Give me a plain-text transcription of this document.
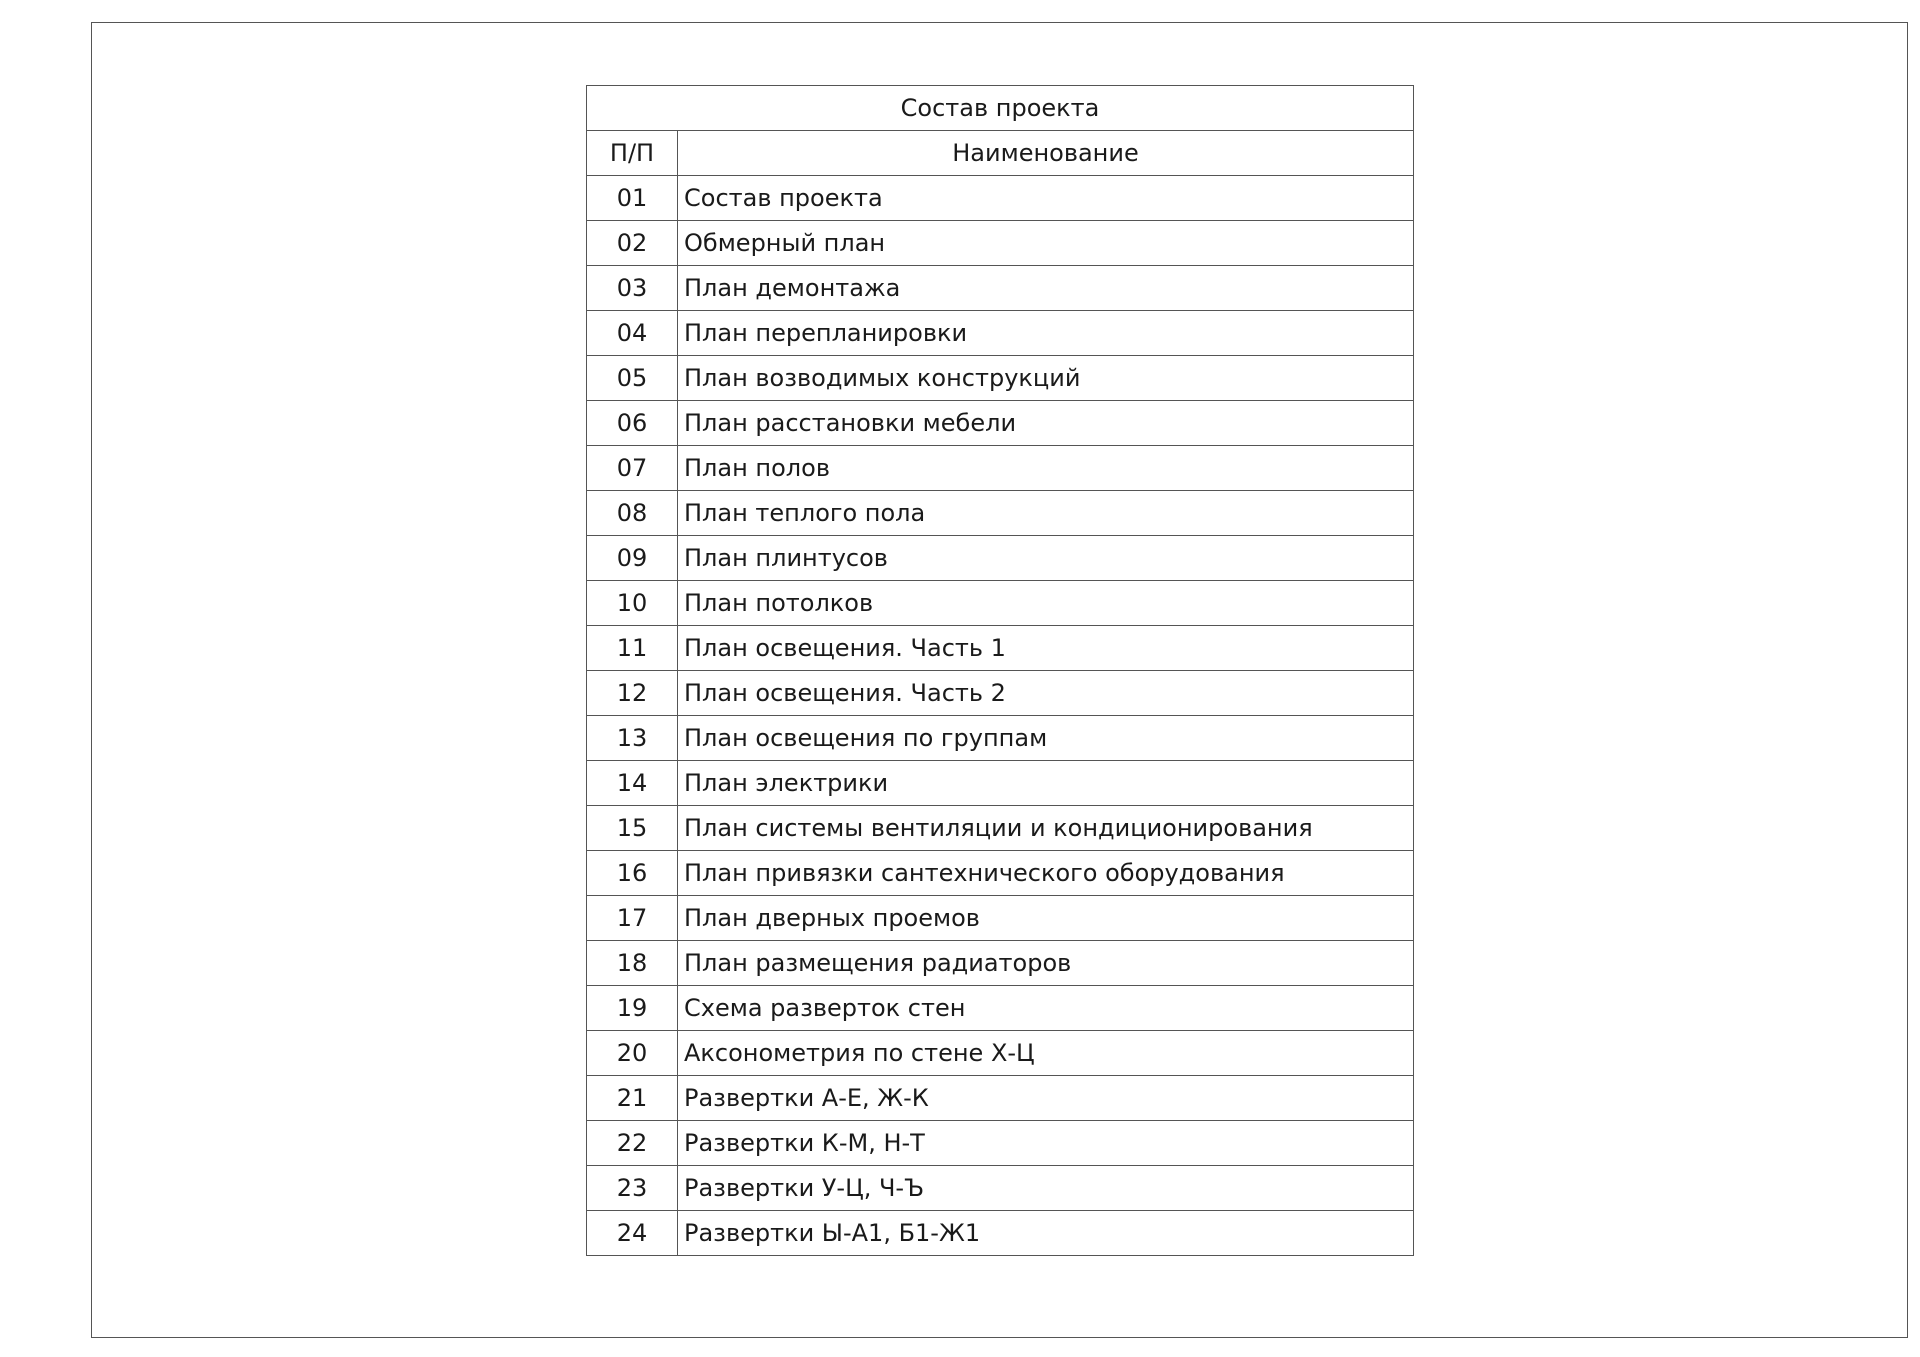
Состав проекта	
П/П	Наименование
01	Состав проекта
02	Обмерный план
03	План демонтажа
04	План перепланировки
05	План возводимых конструкций
06	План расстановки мебели
07	План полов
08	План теплого пола
09	План плинтусов
10	План потолков
11	План освещения. Часть 1
12	План освещения. Часть 2
13	План освещения по группам
14	План электрики
15	План системы вентиляции и кондиционирования
16	План привязки сантехнического оборудования
17	План дверных проемов
18	План размещения радиаторов
19	Схема разверток стен
20	Аксонометрия по стене Х-Ц
21	Развертки А-Е, Ж-К
22	Развертки К-М, Н-Т
23	Развертки У-Ц, Ч-Ъ
24	Развертки Ы-А1, Б1-Ж1
